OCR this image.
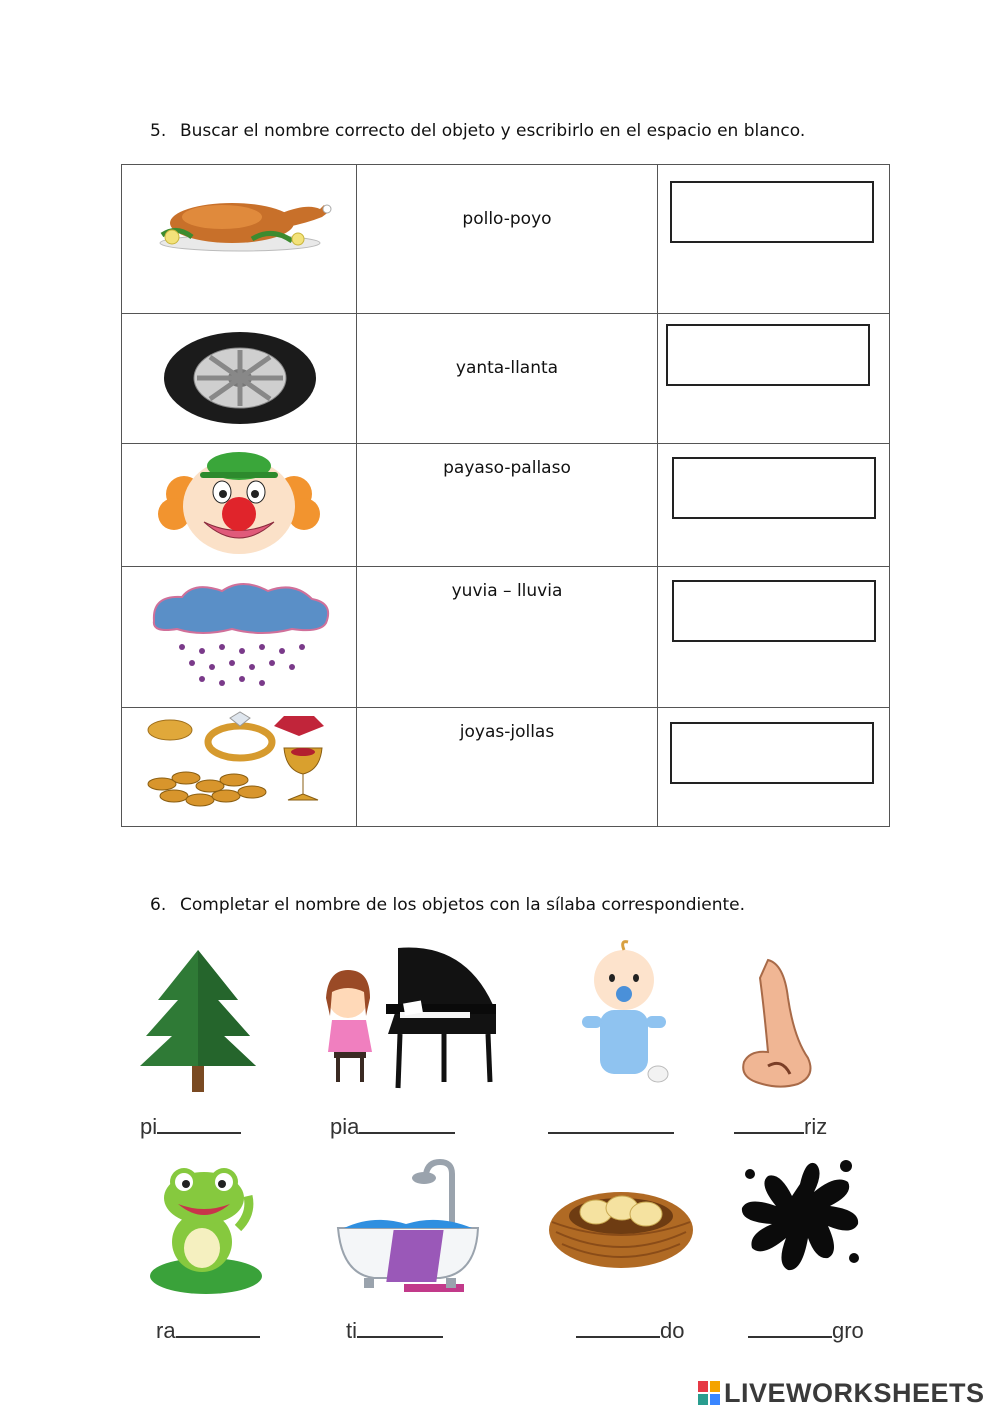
5. Buscar el nombre correcto del objeto y escribirlo en el espacio en blanco.

pollo-poyo	

yanta-llanta	

payaso-pallaso	

yuvia – lluvia	

joyas-jollas	

6. Completar el nombre de los objetos con la sílaba correspondiente.
pi	pia	riz
ra	ti	do	gro
LIVEWORKSHEETS
